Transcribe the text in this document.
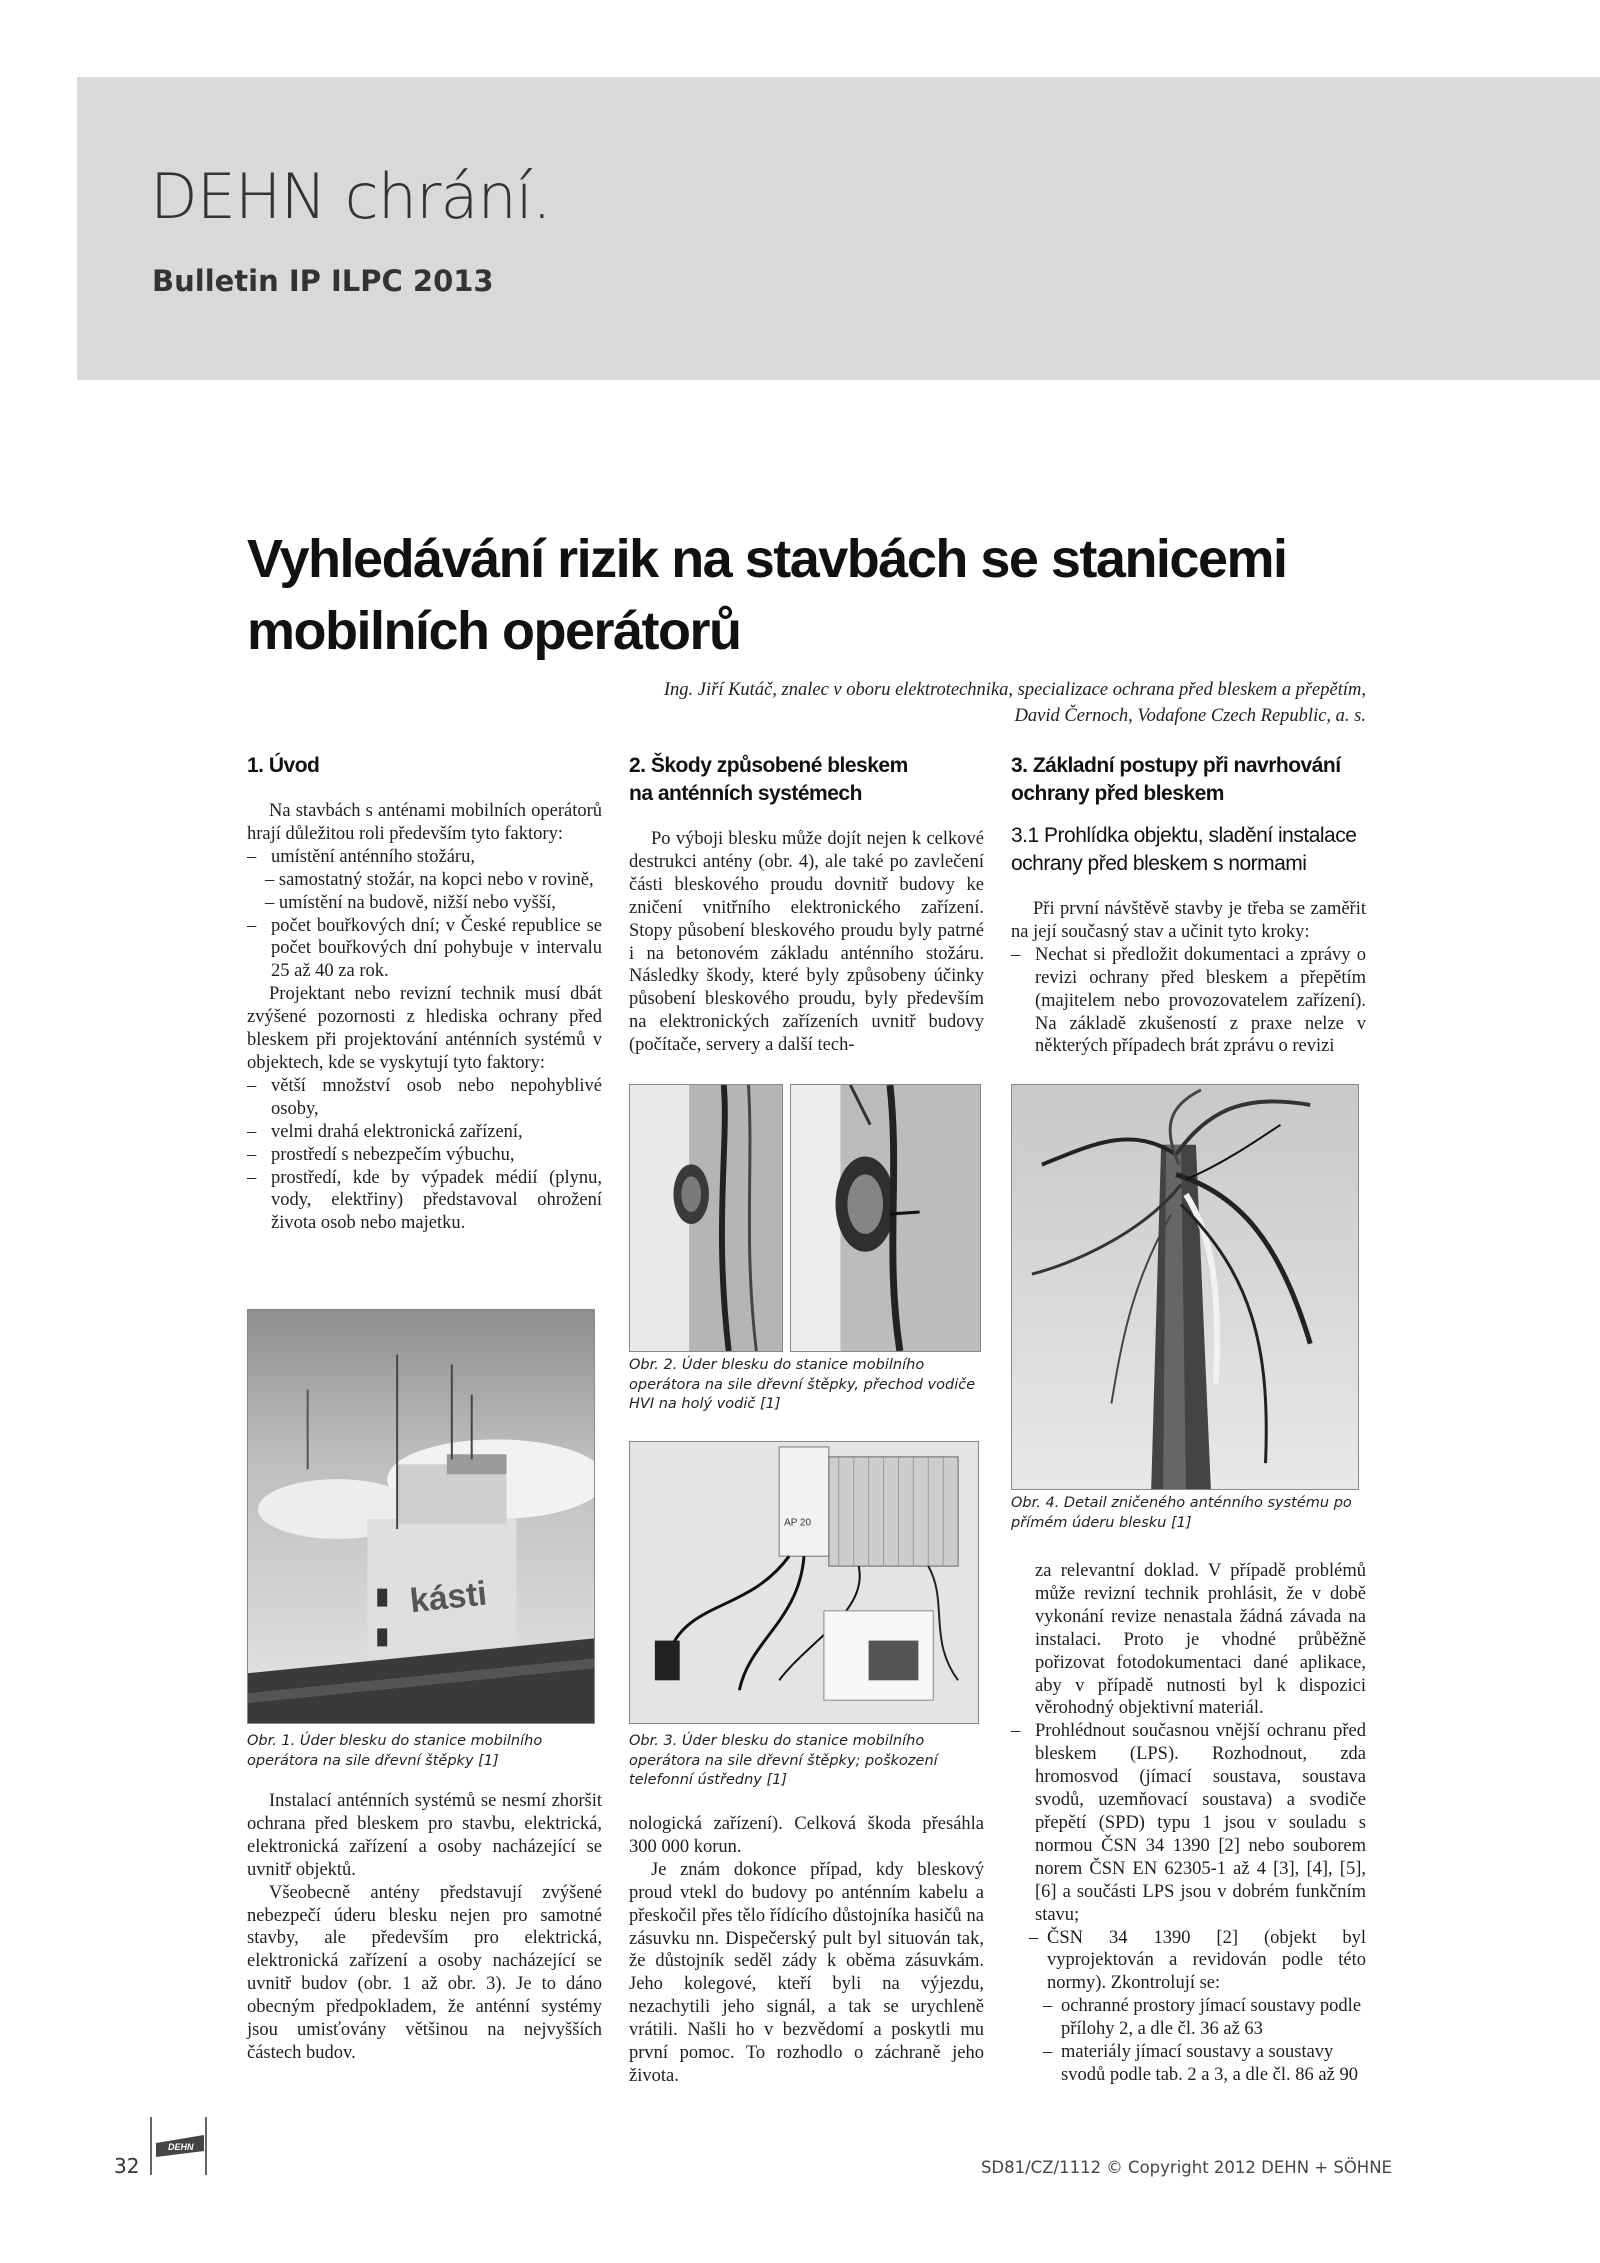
DEHN chrání.
Bulletin IP ILPC 2013
Vyhledávání rizik na stavbách se stanicemi
mobilních operátorů
Ing. Jiří Kutáč, znalec v oboru elektrotechnika, specializace ochrana před bleskem a přepětím,
David Černoch, Vodafone Czech Republic, a. s.
1. Úvod

Na stavbách s anténami mobilních operátorů hrají důležitou roli především tyto faktory:

– umístění anténního stožáru,
– samostatný stožár, na kopci nebo v rovině,
– umístění na budově, nižší nebo vyšší,
– počet bouřkových dní; v České republice se počet bouřkových dní pohybuje v intervalu 25 až 40 za rok.

Projektant nebo revizní technik musí dbát zvýšené pozornosti z hlediska ochrany před bleskem při projektování anténních systémů v objektech, kde se vyskytují tyto faktory:

– větší množství osob nebo nepohyblivé osoby,
– velmi drahá elektronická zařízení,
– prostředí s nebezpečím výbuchu,
– prostředí, kde by výpadek médií (plynu, vody, elektřiny) představoval ohrožení života osob nebo majetku.
kásti
Obr. 1. Úder blesku do stanice mobilního operátora na sile dřevní štěpky [1]

Instalací anténních systémů se nesmí zhoršit ochrana před bleskem pro stavbu, elektrická, elektronická zařízení a osoby nacházející se uvnitř objektů.

Všeobecně antény představují zvýšené nebezpečí úderu blesku nejen pro samotné stavby, ale především pro elektrická, elektronická zařízení a osoby nacházející se uvnitř budov (obr. 1 až obr. 3). Je to dáno obecným předpokladem, že anténní systémy jsou umisťovány většinou na nejvyšších částech budov.

2. Škody způsobené bleskem
na anténních systémech

Po výboji blesku může dojít nejen k celkové destrukci antény (obr. 4), ale také po zavlečení části bleskového proudu dovnitř budovy ke zničení vnitřního elektronického zařízení. Stopy působení bleskového proudu byly patrné i na betonovém základu anténního stožáru. Následky škody, které byly způsobeny účinky působení bleskového proudu, byly především na elektronických zařízeních uvnitř budovy (počítače, servery a další tech-

Obr. 2. Úder blesku do stanice mobilního operátora na sile dřevní štěpky, přechod vodiče HVI na holý vodič [1]
AP 20
Obr. 3. Úder blesku do stanice mobilního operátora na sile dřevní štěpky; poškození telefonní ústředny [1]

nologická zařízení). Celková škoda přesáhla 300 000 korun.

Je znám dokonce případ, kdy bleskový proud vtekl do budovy po anténním kabelu a přeskočil přes tělo řídícího důstojníka hasičů na zásuvku nn. Dispečerský pult byl situován tak, že důstojník seděl zády k oběma zásuvkám. Jeho kolegové, kteří byli na výjezdu, nezachytili jeho signál, a tak se urychleně vrátili. Našli ho v bezvědomí a poskytli mu první pomoc. To rozhodlo o záchraně jeho života.

3. Základní postupy při navrhování
ochrany před bleskem
3.1 Prohlídka objektu, sladění instalace
ochrany před bleskem s normami

Při první návštěvě stavby je třeba se zaměřit na její současný stav a učinit tyto kroky:

– Nechat si předložit dokumentaci a zprávy o revizi ochrany před bleskem a přepětím (majitelem nebo provozovatelem zařízení). Na základě zkušeností z praxe nelze v některých případech brát zprávu o revizi
Obr. 4. Detail zničeného anténního systému po přímém úderu blesku [1]
za relevantní doklad. V případě problémů může revizní technik prohlásit, že v době vykonání revize nenastala žádná závada na instalaci. Proto je vhodné průběžně pořizovat fotodokumentaci dané aplikace, aby v případě nutnosti byl k dispozici věrohodný objektivní materiál.
– Prohlédnout současnou vnější ochranu před bleskem (LPS). Rozhodnout, zda hromosvod (jímací soustava, soustava svodů, uzemňovací soustava) a svodiče přepětí (SPD) typu 1 jsou v souladu s normou ČSN 34 1390 [2] nebo souborem norem ČSN EN 62305-1 až 4 [3], [4], [5], [6] a součásti LPS jsou v dobrém funkčním stavu;
– ČSN 34 1390 [2] (objekt byl vyprojektován a revidován podle této normy). Zkontrolují se:
– ochranné prostory jímací soustavy podle přílohy 2, a dle čl. 36 až 63
– materiály jímací soustavy a soustavy svodů podle tab. 2 a 3, a dle čl. 86 až 90
32
DEHN
SD81/CZ/1112 © Copyright 2012 DEHN + SÖHNE
